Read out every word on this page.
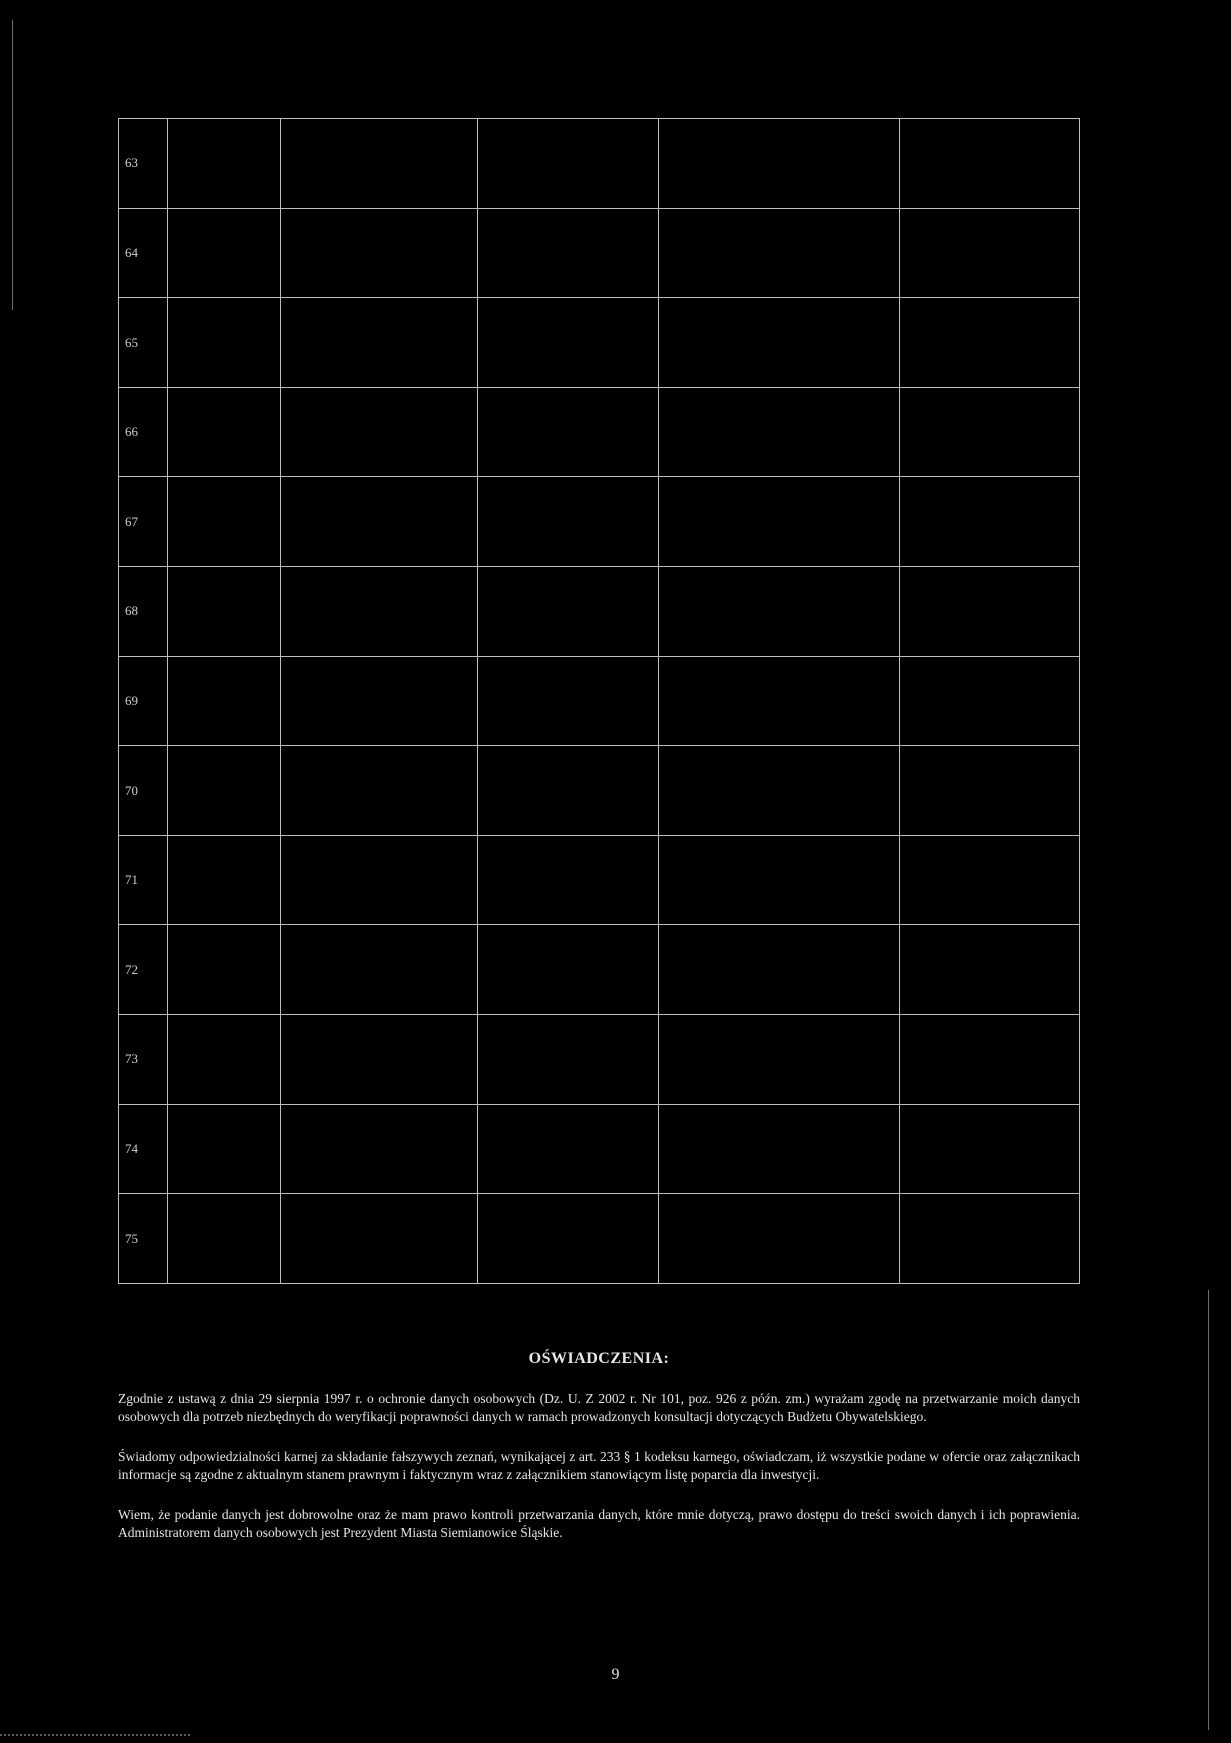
63					
64					
65					
66					
67					
68					
69					
70					
71					
72					
73					
74					
75					
OŚWIADCZENIA:

Zgodnie z ustawą z dnia 29 sierpnia 1997 r. o ochronie danych osobowych (Dz. U. Z 2002 r. Nr 101, poz. 926 z późn. zm.) wyrażam zgodę na przetwarzanie moich danych osobowych dla potrzeb niezbędnych do weryfikacji poprawności danych w ramach prowadzonych konsultacji dotyczących Budżetu Obywatelskiego.

Świadomy odpowiedzialności karnej za składanie fałszywych zeznań, wynikającej z art. 233 § 1 kodeksu karnego, oświadczam, iż wszystkie podane w ofercie oraz załącznikach informacje są zgodne z aktualnym stanem prawnym i faktycznym wraz z załącznikiem stanowiącym listę poparcia dla inwestycji.

Wiem, że podanie danych jest dobrowolne oraz że mam prawo kontroli przetwarzania danych, które mnie dotyczą, prawo dostępu do treści swoich danych i ich poprawienia. Administratorem danych osobowych jest Prezydent Miasta Siemianowice Śląskie.

9
